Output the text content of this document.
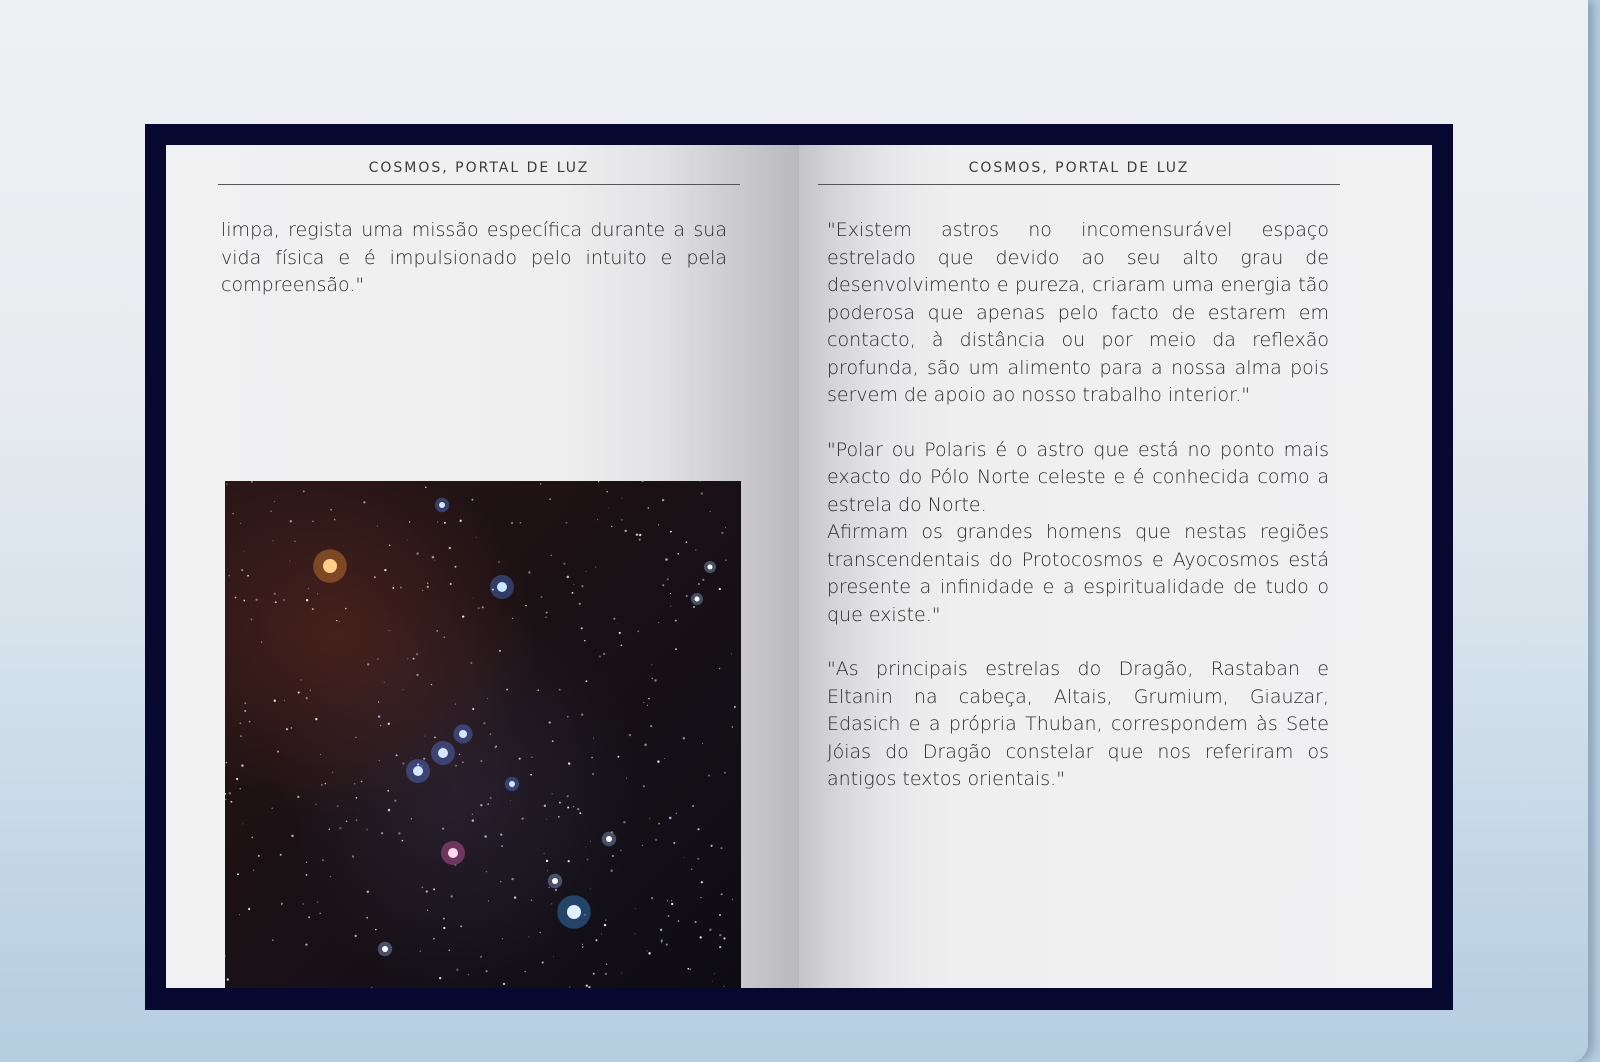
COSMOS, PORTAL DE LUZ

limpa, regista uma missão específica durante a sua vida física e é impulsionado pelo intuito e pela compreensão."

COSMOS, PORTAL DE LUZ

"Existem astros no incomensurável espaço estrelado que devido ao seu alto grau de desenvolvimento e pureza, criaram uma energia tão poderosa que apenas pelo facto de estarem em contacto, à distância ou por meio da reflexão profunda, são um alimento para a nossa alma pois servem de apoio ao nosso trabalho interior."

"Polar ou Polaris é o astro que está no ponto mais exacto do Pólo Norte celeste e é conhecida como a estrela do Norte.

Afirmam os grandes homens que nestas regiões transcendentais do Protocosmos e Ayocosmos está presente a infinidade e a espiritualidade de tudo o que existe."

"As principais estrelas do Dragão, Rastaban e Eltanin na cabeça, Altais, Grumium, Giauzar, Edasich e a própria Thuban, correspondem às Sete Jóias do Dragão constelar que nos referiram os antigos textos orientais."
